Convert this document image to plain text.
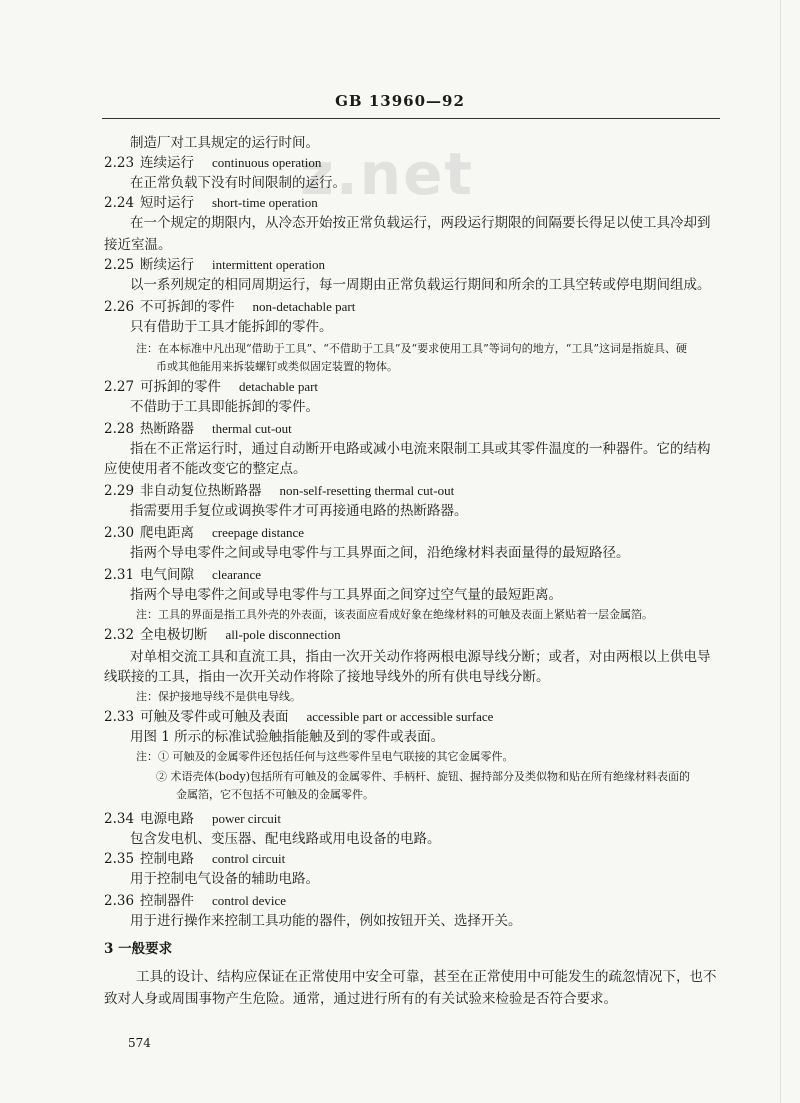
GB 13960—92
z.net
制造厂对工具规定的运行时间。
2.23 连续运行 continuous operation
在正常负载下没有时间限制的运行。
2.24 短时运行 short-time operation
在一个规定的期限内，从冷态开始按正常负载运行，两段运行期限的间隔要长得足以使工具冷却到
接近室温。
2.25 断续运行 intermittent operation
以一系列规定的相同周期运行，每一周期由正常负载运行期间和所余的工具空转或停电期间组成。
2.26 不可拆卸的零件 non-detachable part
只有借助于工具才能拆卸的零件。
注：在本标准中凡出现“借助于工具”、“不借助于工具”及“要求使用工具”等词句的地方，“工具”这词是指旋具、硬
币或其他能用来拆装螺钉或类似固定装置的物体。
2.27 可拆卸的零件 detachable part
不借助于工具即能拆卸的零件。
2.28 热断路器 thermal cut-out
指在不正常运行时，通过自动断开电路或减小电流来限制工具或其零件温度的一种器件。它的结构
应使使用者不能改变它的整定点。
2.29 非自动复位热断路器 non-self-resetting thermal cut-out
指需要用手复位或调换零件才可再接通电路的热断路器。
2.30 爬电距离 creepage distance
指两个导电零件之间或导电零件与工具界面之间，沿绝缘材料表面量得的最短路径。
2.31 电气间隙 clearance
指两个导电零件之间或导电零件与工具界面之间穿过空气量的最短距离。
注：工具的界面是指工具外壳的外表面，该表面应看成好象在绝缘材料的可触及表面上紧贴着一层金属箔。
2.32 全电极切断 all-pole disconnection
对单相交流工具和直流工具，指由一次开关动作将两根电源导线分断；或者，对由两根以上供电导
线联接的工具，指由一次开关动作将除了接地导线外的所有供电导线分断。
注：保护接地导线不是供电导线。
2.33 可触及零件或可触及表面 accessible part or accessible surface
用图 1 所示的标准试验触指能触及到的零件或表面。
注：① 可触及的金属零件还包括任何与这些零件呈电气联接的其它金属零件。
② 术语壳体(body)包括所有可触及的金属零件、手柄杆、旋钮、握持部分及类似物和贴在所有绝缘材料表面的
金属箔，它不包括不可触及的金属零件。
2.34 电源电路 power circuit
包含发电机、变压器、配电线路或用电设备的电路。
2.35 控制电路 control circuit
用于控制电气设备的辅助电路。
2.36 控制器件 control device
用于进行操作来控制工具功能的器件，例如按钮开关、选择开关。
3 一般要求
工具的设计、结构应保证在正常使用中安全可靠，甚至在正常使用中可能发生的疏忽情况下，也不
致对人身或周围事物产生危险。通常，通过进行所有的有关试验来检验是否符合要求。
574
